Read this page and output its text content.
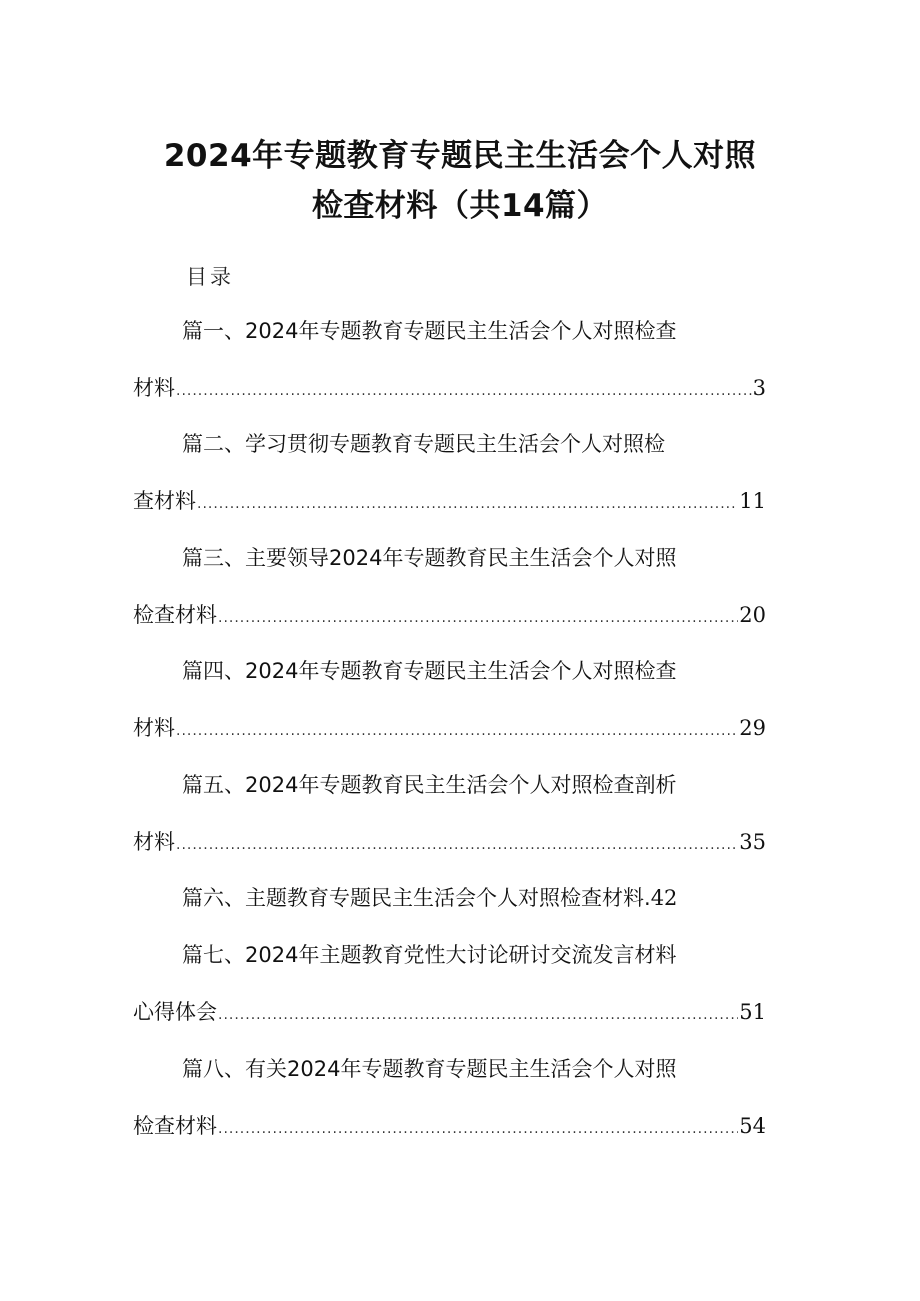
2024年专题教育专题民主生活会个人对照
检查材料（共14篇）
目录
篇一、2024年专题教育专题民主生活会个人对照检查
材料 .....	3
篇二、学习贯彻专题教育专题民主生活会个人对照检
查材料 .....	11
篇三、主要领导2024年专题教育民主生活会个人对照
检查材料 .....	20
篇四、2024年专题教育专题民主生活会个人对照检查
材料 .....	29
篇五、2024年专题教育民主生活会个人对照检查剖析
材料 .....	35
篇六、主题教育专题民主生活会个人对照检查材料.42
篇七、2024年主题教育党性大讨论研讨交流发言材料
心得体会 .....	51
篇八、有关2024年专题教育专题民主生活会个人对照
检查材料 .....	54
